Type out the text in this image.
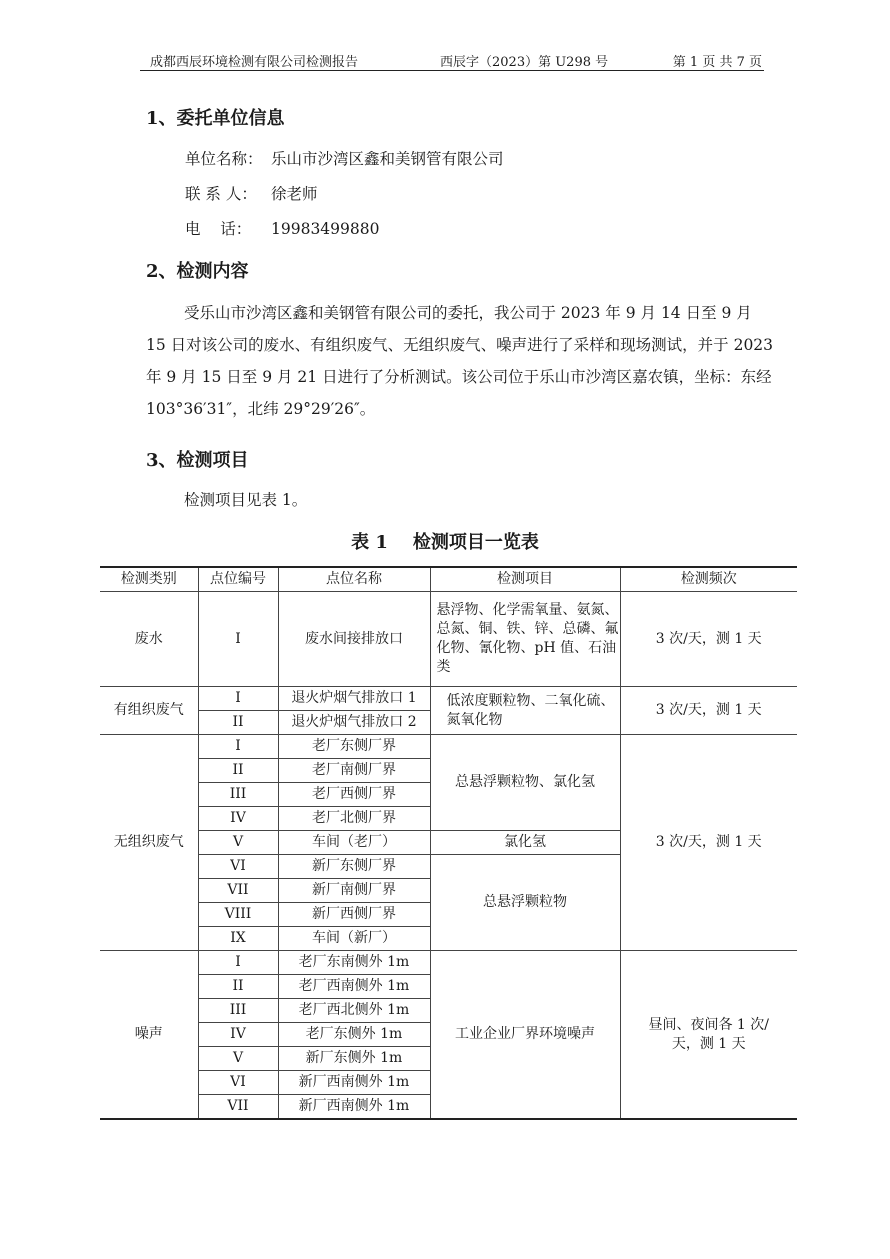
成都西辰环境检测有限公司检测报告	西辰字（2023）第 U298 号	第 1 页 共 7 页
1、委托单位信息
单位名称： 乐山市沙湾区鑫和美钢管有限公司
联 系 人： 徐老师
电    话： 19983499880
2、检测内容

受乐山市沙湾区鑫和美钢管有限公司的委托，我公司于 2023 年 9 月 14 日至 9 月 15 日对该公司的废水、有组织废气、无组织废气、噪声进行了采样和现场测试，并于 2023 年 9 月 15 日至 9 月 21 日进行了分析测试。该公司位于乐山市沙湾区嘉农镇，坐标：东经 103°36′31″，北纬 29°29′26″。

3、检测项目
检测项目见表 1。
表 1    检测项目一览表
检测类别	点位编号	点位名称	检测项目	检测频次
废水	I	废水间接排放口	悬浮物、化学需氧量、氨氮、总氮、铜、铁、锌、总磷、氟化物、氰化物、pH 值、石油类	3 次/天，测 1 天
有组织废气	I	退火炉烟气排放口 1	低浓度颗粒物、二氧化硫、氮氧化物	3 次/天，测 1 天
	II	退火炉烟气排放口 2		
无组织废气	I	老厂东侧厂界	总悬浮颗粒物、氯化氢	3 次/天，测 1 天
	II	老厂南侧厂界		
	III	老厂西侧厂界		
	IV	老厂北侧厂界		
	V	车间（老厂）	氯化氢	
	VI	新厂东侧厂界	总悬浮颗粒物	
	VII	新厂南侧厂界		
	VIII	新厂西侧厂界		
	IX	车间（新厂）		
噪声	I	老厂东南侧外 1m	工业企业厂界环境噪声	昼间、夜间各 1 次/天，测 1 天
	II	老厂西南侧外 1m		
	III	老厂西北侧外 1m		
	IV	老厂东侧外 1m		
	V	新厂东侧外 1m		
	VI	新厂西南侧外 1m		
	VII	新厂西南侧外 1m		
